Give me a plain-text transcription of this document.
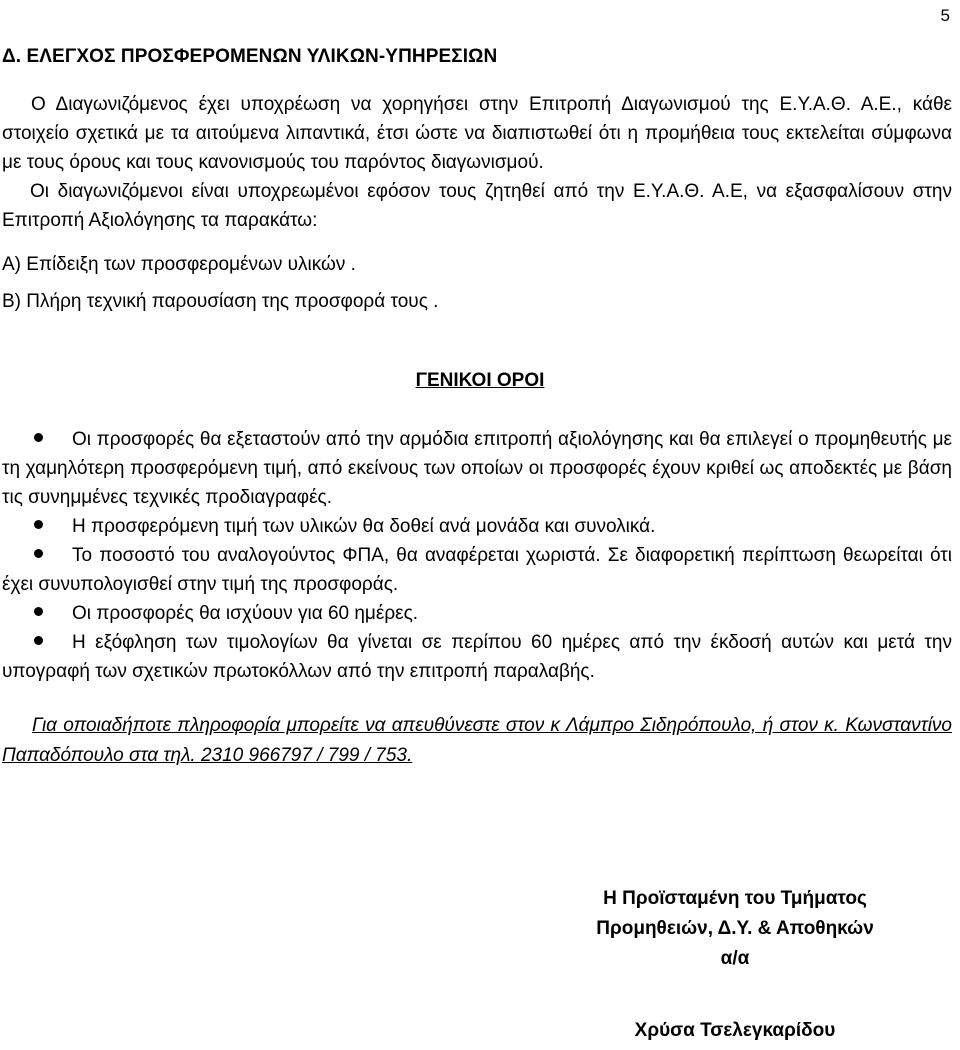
5
Δ. ΕΛΕΓΧΟΣ ΠΡΟΣΦΕΡΟΜΕΝΩΝ ΥΛΙΚΩΝ-ΥΠΗΡΕΣΙΩΝ
Ο Διαγωνιζόμενος έχει υποχρέωση να χορηγήσει στην Επιτροπή Διαγωνισμού της Ε.Υ.Α.Θ. Α.Ε., κάθε στοιχείο σχετικά με τα αιτούμενα λιπαντικά, έτσι ώστε να διαπιστωθεί ότι η προμήθεια τους εκτελείται σύμφωνα με τους όρους και τους κανονισμούς του παρόντος διαγωνισμού.
Οι διαγωνιζόμενοι είναι υποχρεωμένοι εφόσον τους ζητηθεί από την Ε.Υ.Α.Θ. Α.Ε, να εξασφαλίσουν στην Επιτροπή Αξιολόγησης τα παρακάτω:
Α) Επίδειξη των προσφερομένων υλικών .
Β) Πλήρη τεχνική παρουσίαση της προσφορά τους .
ΓΕΝΙΚΟΙ ΟΡΟΙ

Οι προσφορές θα εξεταστούν από την αρμόδια επιτροπή αξιολόγησης και θα επιλεγεί ο προμηθευτής με τη χαμηλότερη προσφερόμενη τιμή, από εκείνους των οποίων οι προσφορές έχουν κριθεί ως αποδεκτές με βάση τις συνημμένες τεχνικές προδιαγραφές.

Η προσφερόμενη τιμή των υλικών θα δοθεί ανά μονάδα και συνολικά.

Το ποσοστό του αναλογούντος ΦΠΑ, θα αναφέρεται χωριστά. Σε διαφορετική περίπτωση θεωρείται ότι έχει συνυπολογισθεί στην τιμή της προσφοράς.

Οι προσφορές θα ισχύουν για 60 ημέρες.

Η εξόφληση των τιμολογίων θα γίνεται σε περίπου 60 ημέρες από την έκδοσή αυτών και μετά την υπογραφή των σχετικών πρωτοκόλλων από την επιτροπή παραλαβής.

Για οποιαδήποτε πληροφορία μπορείτε να απευθύνεστε στον κ Λάμπρο Σιδηρόπουλο, ή στον κ. Κωνσταντίνο Παπαδόπουλο στα τηλ. 2310 966797 / 799 / 753.
Η Προϊσταμένη του Τμήματος
Προμηθειών, Δ.Υ. & Αποθηκών
α/α
Χρύσα Τσελεγκαρίδου
